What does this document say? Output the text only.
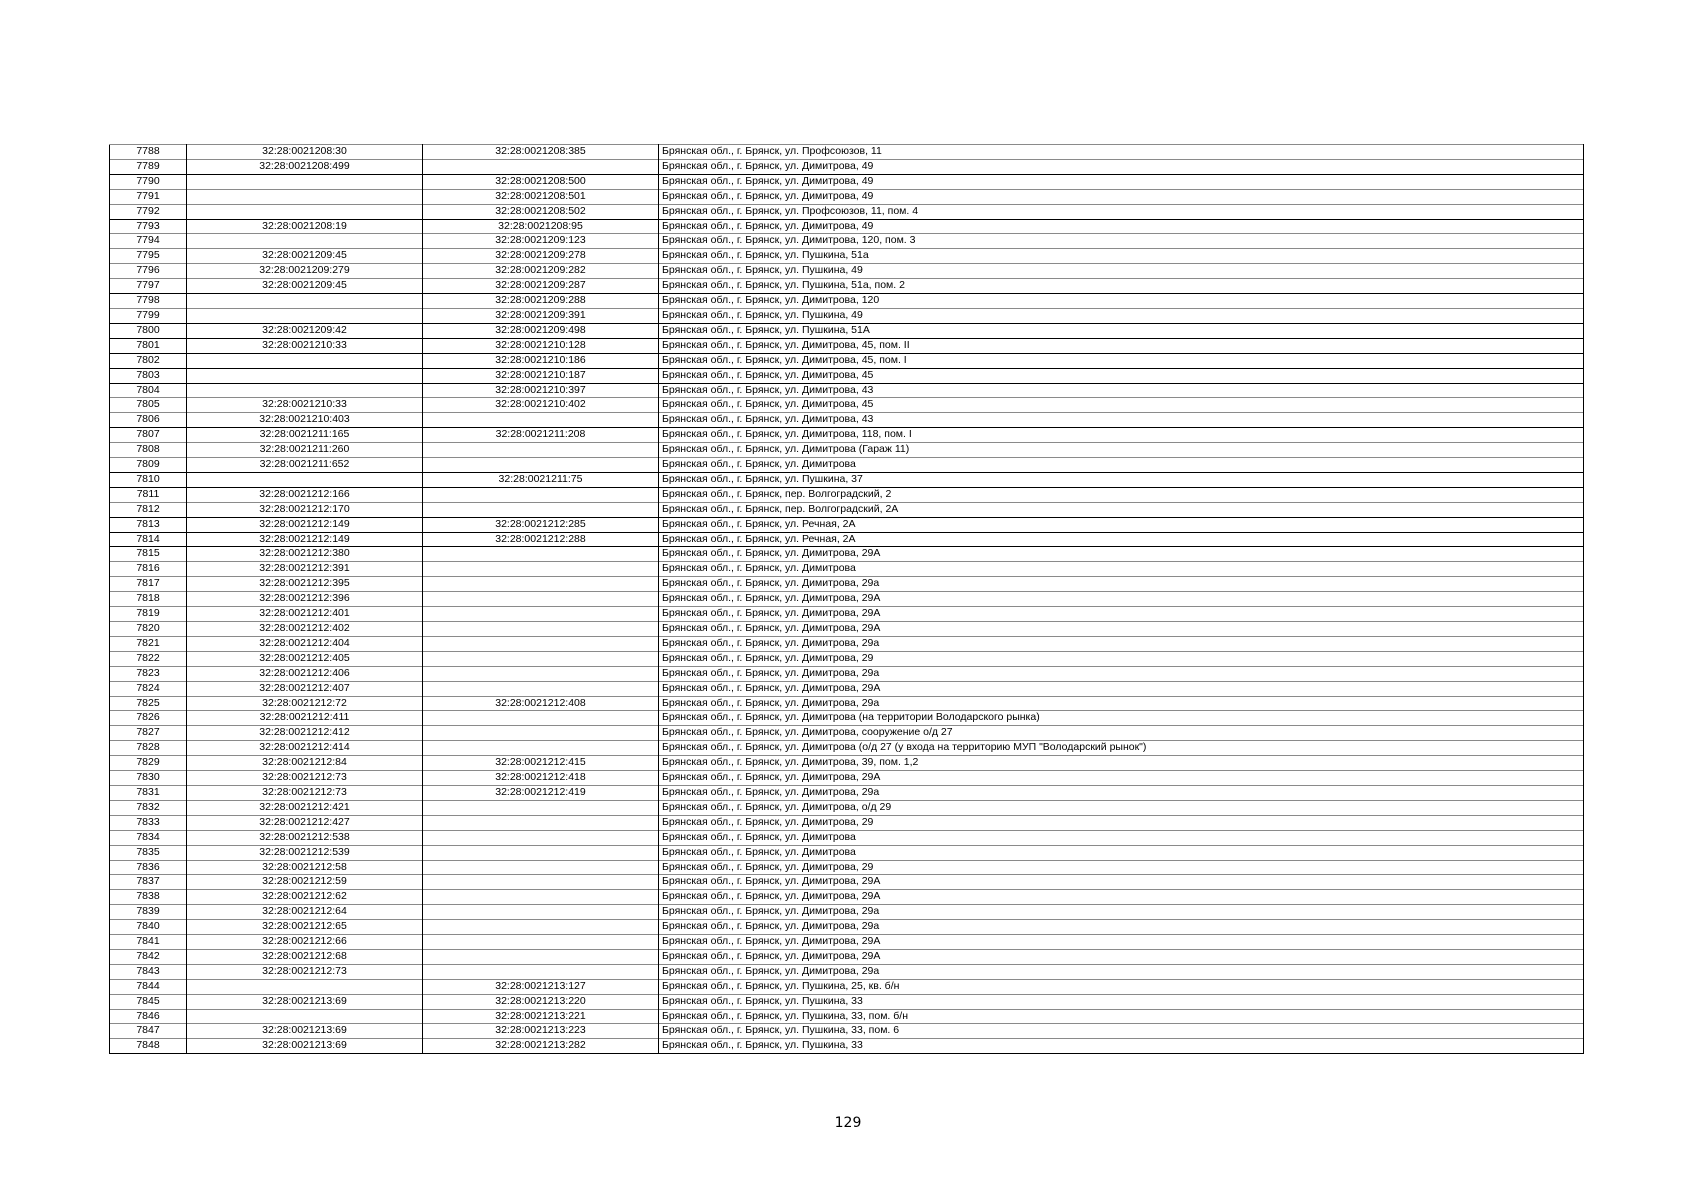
7788	32:28:0021208:30	32:28:0021208:385	Брянская обл., г. Брянск, ул. Профсоюзов, 11
7789	32:28:0021208:499		Брянская обл., г. Брянск, ул. Димитрова, 49
7790		32:28:0021208:500	Брянская обл., г. Брянск, ул. Димитрова, 49
7791		32:28:0021208:501	Брянская обл., г. Брянск, ул. Димитрова, 49
7792		32:28:0021208:502	Брянская обл., г. Брянск, ул. Профсоюзов, 11, пом. 4
7793	32:28:0021208:19	32:28:0021208:95	Брянская обл., г. Брянск, ул. Димитрова, 49
7794		32:28:0021209:123	Брянская обл., г. Брянск, ул. Димитрова, 120, пом. 3
7795	32:28:0021209:45	32:28:0021209:278	Брянская обл., г. Брянск, ул. Пушкина, 51а
7796	32:28:0021209:279	32:28:0021209:282	Брянская обл., г. Брянск, ул. Пушкина, 49
7797	32:28:0021209:45	32:28:0021209:287	Брянская обл., г. Брянск, ул. Пушкина, 51а, пом. 2
7798		32:28:0021209:288	Брянская обл., г. Брянск, ул. Димитрова, 120
7799		32:28:0021209:391	Брянская обл., г. Брянск, ул. Пушкина, 49
7800	32:28:0021209:42	32:28:0021209:498	Брянская обл., г. Брянск, ул. Пушкина, 51А
7801	32:28:0021210:33	32:28:0021210:128	Брянская обл., г. Брянск, ул. Димитрова, 45, пом. II
7802		32:28:0021210:186	Брянская обл., г. Брянск, ул. Димитрова, 45, пом. I
7803		32:28:0021210:187	Брянская обл., г. Брянск, ул. Димитрова, 45
7804		32:28:0021210:397	Брянская обл., г. Брянск, ул. Димитрова, 43
7805	32:28:0021210:33	32:28:0021210:402	Брянская обл., г. Брянск, ул. Димитрова, 45
7806	32:28:0021210:403		Брянская обл., г. Брянск, ул. Димитрова, 43
7807	32:28:0021211:165	32:28:0021211:208	Брянская обл., г. Брянск, ул. Димитрова, 118, пом. I
7808	32:28:0021211:260		Брянская обл., г. Брянск, ул. Димитрова (Гараж 11)
7809	32:28:0021211:652		Брянская обл., г. Брянск, ул. Димитрова
7810		32:28:0021211:75	Брянская обл., г. Брянск, ул. Пушкина, 37
7811	32:28:0021212:166		Брянская обл., г. Брянск, пер. Волгоградский, 2
7812	32:28:0021212:170		Брянская обл., г. Брянск, пер. Волгоградский, 2А
7813	32:28:0021212:149	32:28:0021212:285	Брянская обл., г. Брянск, ул. Речная, 2А
7814	32:28:0021212:149	32:28:0021212:288	Брянская обл., г. Брянск, ул. Речная, 2А
7815	32:28:0021212:380		Брянская обл., г. Брянск, ул. Димитрова, 29А
7816	32:28:0021212:391		Брянская обл., г. Брянск, ул. Димитрова
7817	32:28:0021212:395		Брянская обл., г. Брянск, ул. Димитрова, 29а
7818	32:28:0021212:396		Брянская обл., г. Брянск, ул. Димитрова, 29А
7819	32:28:0021212:401		Брянская обл., г. Брянск, ул. Димитрова, 29А
7820	32:28:0021212:402		Брянская обл., г. Брянск, ул. Димитрова, 29А
7821	32:28:0021212:404		Брянская обл., г. Брянск, ул. Димитрова, 29а
7822	32:28:0021212:405		Брянская обл., г. Брянск, ул. Димитрова, 29
7823	32:28:0021212:406		Брянская обл., г. Брянск, ул. Димитрова, 29а
7824	32:28:0021212:407		Брянская обл., г. Брянск, ул. Димитрова, 29А
7825	32:28:0021212:72	32:28:0021212:408	Брянская обл., г. Брянск, ул. Димитрова, 29а
7826	32:28:0021212:411		Брянская обл., г. Брянск, ул. Димитрова (на территории Володарского рынка)
7827	32:28:0021212:412		Брянская обл., г. Брянск, ул. Димитрова, сооружение о/д 27
7828	32:28:0021212:414		Брянская обл., г. Брянск, ул. Димитрова (о/д 27 (у входа на территорию МУП "Володарский рынок")
7829	32:28:0021212:84	32:28:0021212:415	Брянская обл., г. Брянск, ул. Димитрова, 39, пом. 1,2
7830	32:28:0021212:73	32:28:0021212:418	Брянская обл., г. Брянск, ул. Димитрова, 29А
7831	32:28:0021212:73	32:28:0021212:419	Брянская обл., г. Брянск, ул. Димитрова, 29а
7832	32:28:0021212:421		Брянская обл., г. Брянск, ул. Димитрова, о/д 29
7833	32:28:0021212:427		Брянская обл., г. Брянск, ул. Димитрова, 29
7834	32:28:0021212:538		Брянская обл., г. Брянск, ул. Димитрова
7835	32:28:0021212:539		Брянская обл., г. Брянск, ул. Димитрова
7836	32:28:0021212:58		Брянская обл., г. Брянск, ул. Димитрова, 29
7837	32:28:0021212:59		Брянская обл., г. Брянск, ул. Димитрова, 29А
7838	32:28:0021212:62		Брянская обл., г. Брянск, ул. Димитрова, 29А
7839	32:28:0021212:64		Брянская обл., г. Брянск, ул. Димитрова, 29а
7840	32:28:0021212:65		Брянская обл., г. Брянск, ул. Димитрова, 29а
7841	32:28:0021212:66		Брянская обл., г. Брянск, ул. Димитрова, 29А
7842	32:28:0021212:68		Брянская обл., г. Брянск, ул. Димитрова, 29А
7843	32:28:0021212:73		Брянская обл., г. Брянск, ул. Димитрова, 29а
7844		32:28:0021213:127	Брянская обл., г. Брянск, ул. Пушкина, 25, кв. б/н
7845	32:28:0021213:69	32:28:0021213:220	Брянская обл., г. Брянск, ул. Пушкина, 33
7846		32:28:0021213:221	Брянская обл., г. Брянск, ул. Пушкина, 33, пом. б/н
7847	32:28:0021213:69	32:28:0021213:223	Брянская обл., г. Брянск, ул. Пушкина, 33, пом. 6
7848	32:28:0021213:69	32:28:0021213:282	Брянская обл., г. Брянск, ул. Пушкина, 33
129
